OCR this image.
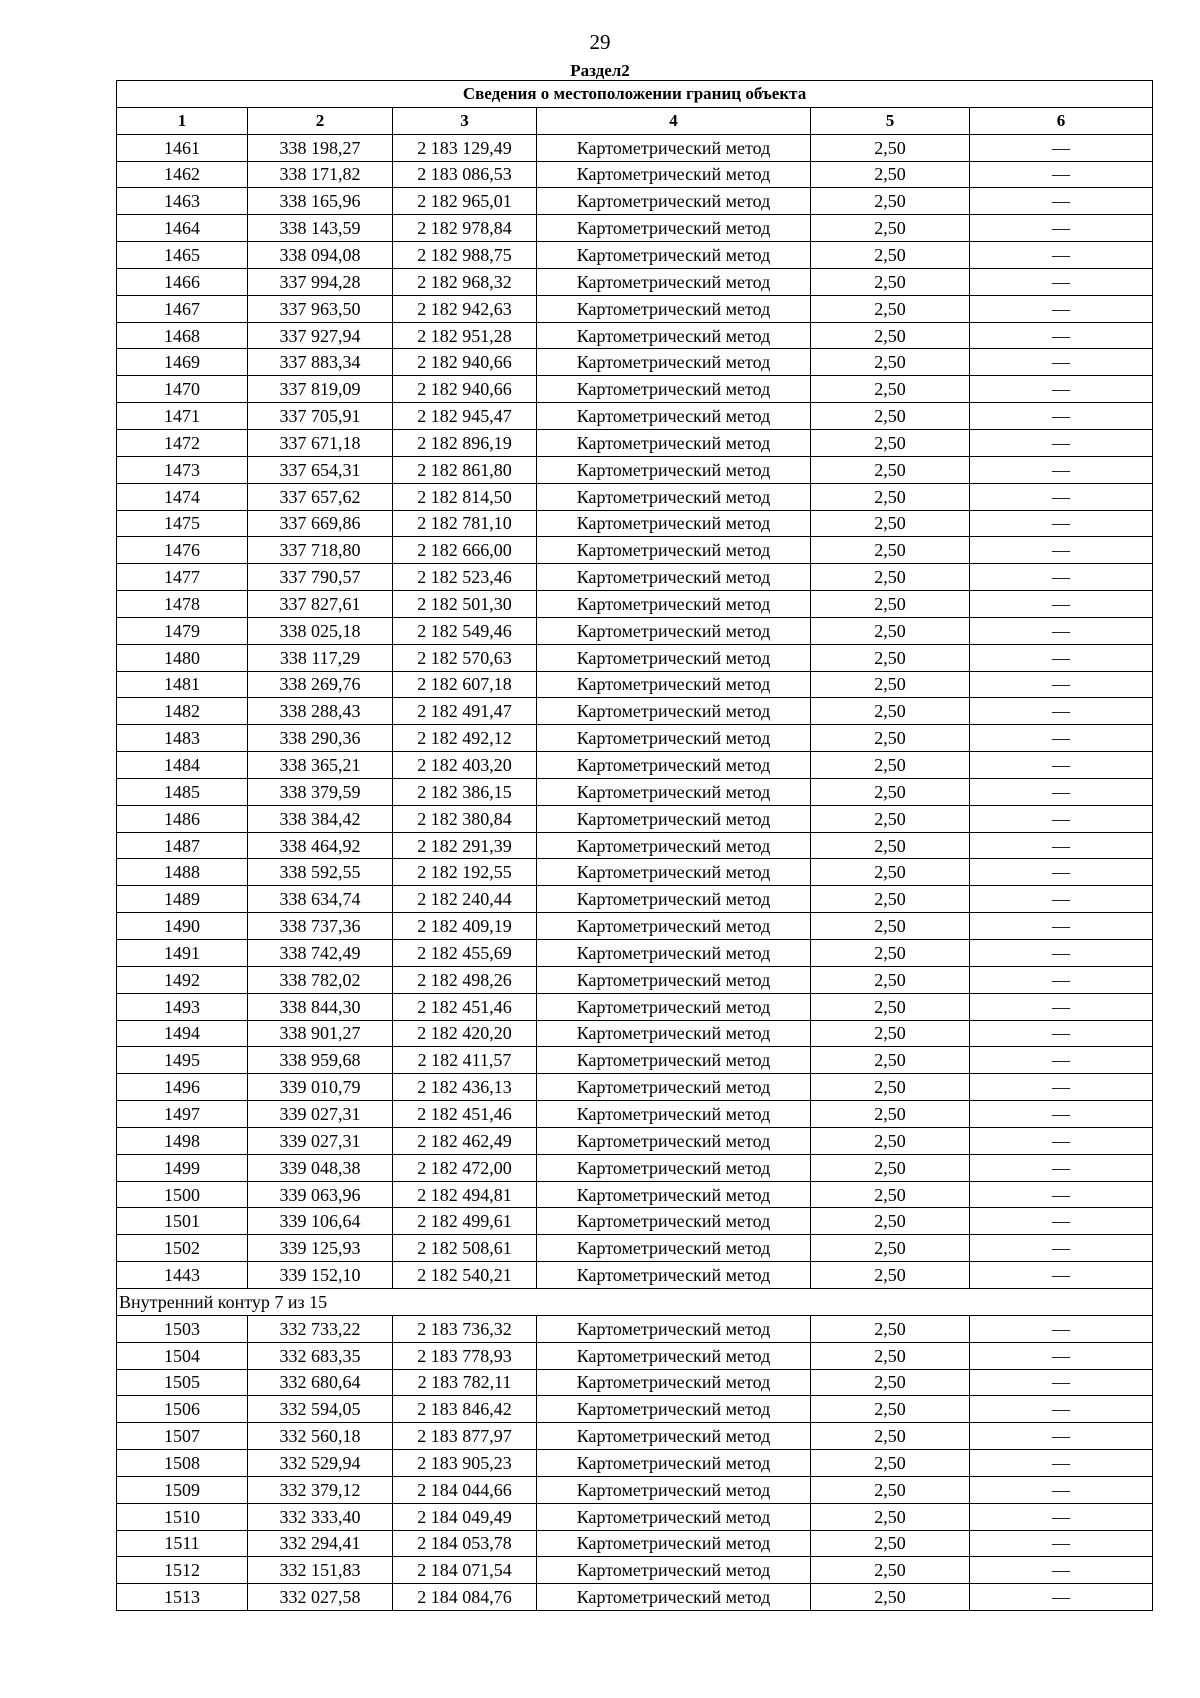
29
Раздел2
Сведения о местоположении границ объекта					
1	2	3	4	5	6
1461	338 198,27	2 183 129,49	Картометрический метод	2,50	—
1462	338 171,82	2 183 086,53	Картометрический метод	2,50	—
1463	338 165,96	2 182 965,01	Картометрический метод	2,50	—
1464	338 143,59	2 182 978,84	Картометрический метод	2,50	—
1465	338 094,08	2 182 988,75	Картометрический метод	2,50	—
1466	337 994,28	2 182 968,32	Картометрический метод	2,50	—
1467	337 963,50	2 182 942,63	Картометрический метод	2,50	—
1468	337 927,94	2 182 951,28	Картометрический метод	2,50	—
1469	337 883,34	2 182 940,66	Картометрический метод	2,50	—
1470	337 819,09	2 182 940,66	Картометрический метод	2,50	—
1471	337 705,91	2 182 945,47	Картометрический метод	2,50	—
1472	337 671,18	2 182 896,19	Картометрический метод	2,50	—
1473	337 654,31	2 182 861,80	Картометрический метод	2,50	—
1474	337 657,62	2 182 814,50	Картометрический метод	2,50	—
1475	337 669,86	2 182 781,10	Картометрический метод	2,50	—
1476	337 718,80	2 182 666,00	Картометрический метод	2,50	—
1477	337 790,57	2 182 523,46	Картометрический метод	2,50	—
1478	337 827,61	2 182 501,30	Картометрический метод	2,50	—
1479	338 025,18	2 182 549,46	Картометрический метод	2,50	—
1480	338 117,29	2 182 570,63	Картометрический метод	2,50	—
1481	338 269,76	2 182 607,18	Картометрический метод	2,50	—
1482	338 288,43	2 182 491,47	Картометрический метод	2,50	—
1483	338 290,36	2 182 492,12	Картометрический метод	2,50	—
1484	338 365,21	2 182 403,20	Картометрический метод	2,50	—
1485	338 379,59	2 182 386,15	Картометрический метод	2,50	—
1486	338 384,42	2 182 380,84	Картометрический метод	2,50	—
1487	338 464,92	2 182 291,39	Картометрический метод	2,50	—
1488	338 592,55	2 182 192,55	Картометрический метод	2,50	—
1489	338 634,74	2 182 240,44	Картометрический метод	2,50	—
1490	338 737,36	2 182 409,19	Картометрический метод	2,50	—
1491	338 742,49	2 182 455,69	Картометрический метод	2,50	—
1492	338 782,02	2 182 498,26	Картометрический метод	2,50	—
1493	338 844,30	2 182 451,46	Картометрический метод	2,50	—
1494	338 901,27	2 182 420,20	Картометрический метод	2,50	—
1495	338 959,68	2 182 411,57	Картометрический метод	2,50	—
1496	339 010,79	2 182 436,13	Картометрический метод	2,50	—
1497	339 027,31	2 182 451,46	Картометрический метод	2,50	—
1498	339 027,31	2 182 462,49	Картометрический метод	2,50	—
1499	339 048,38	2 182 472,00	Картометрический метод	2,50	—
1500	339 063,96	2 182 494,81	Картометрический метод	2,50	—
1501	339 106,64	2 182 499,61	Картометрический метод	2,50	—
1502	339 125,93	2 182 508,61	Картометрический метод	2,50	—
1443	339 152,10	2 182 540,21	Картометрический метод	2,50	—
Внутренний контур 7 из 15					
1503	332 733,22	2 183 736,32	Картометрический метод	2,50	—
1504	332 683,35	2 183 778,93	Картометрический метод	2,50	—
1505	332 680,64	2 183 782,11	Картометрический метод	2,50	—
1506	332 594,05	2 183 846,42	Картометрический метод	2,50	—
1507	332 560,18	2 183 877,97	Картометрический метод	2,50	—
1508	332 529,94	2 183 905,23	Картометрический метод	2,50	—
1509	332 379,12	2 184 044,66	Картометрический метод	2,50	—
1510	332 333,40	2 184 049,49	Картометрический метод	2,50	—
1511	332 294,41	2 184 053,78	Картометрический метод	2,50	—
1512	332 151,83	2 184 071,54	Картометрический метод	2,50	—
1513	332 027,58	2 184 084,76	Картометрический метод	2,50	—
